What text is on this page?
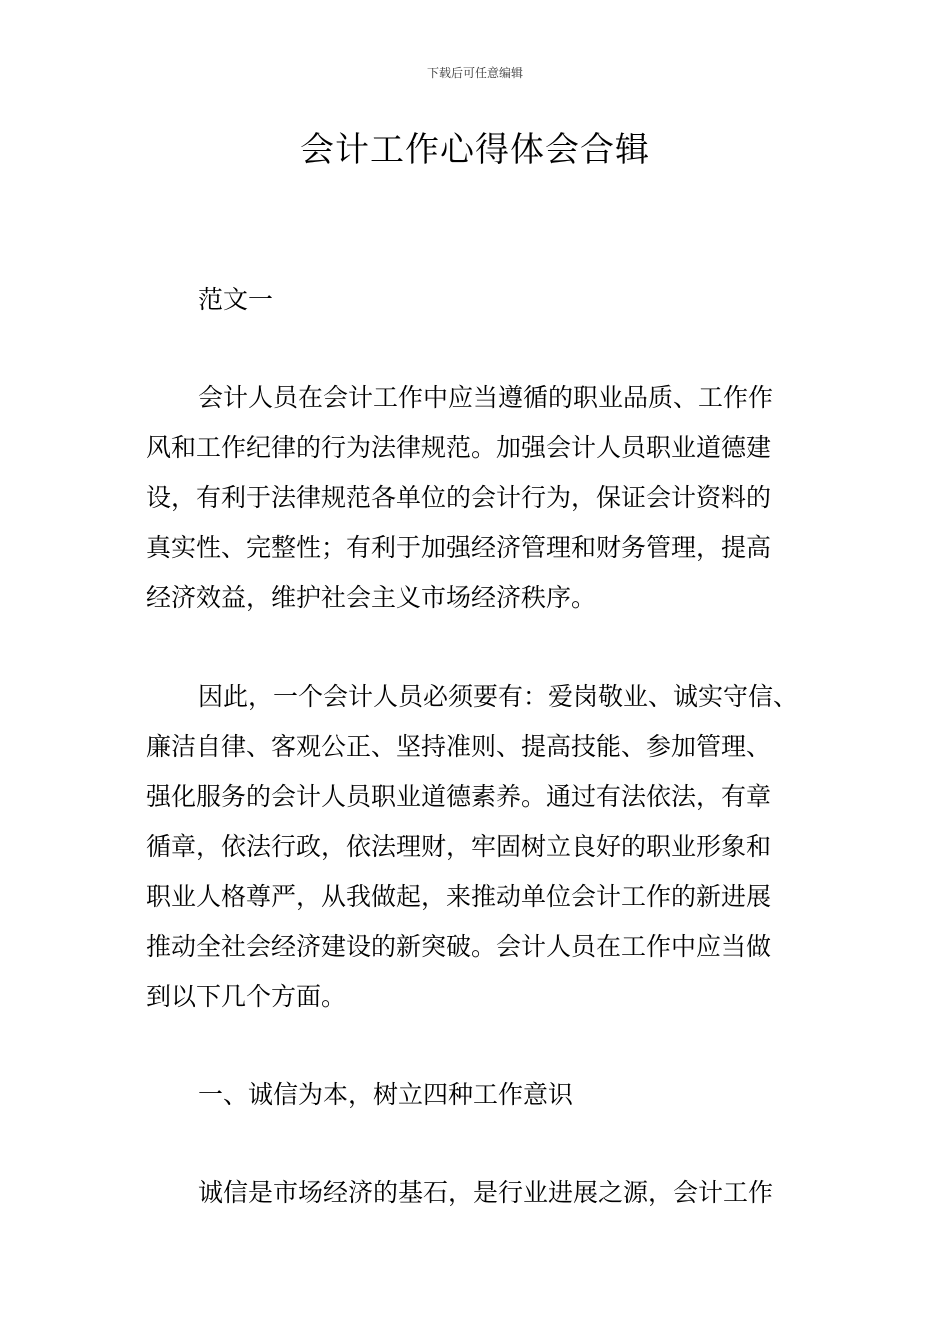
下载后可任意编辑
会计工作心得体会合辑
范文一
会计人员在会计工作中应当遵循的职业品质、工作作
风和工作纪律的行为法律规范。加强会计人员职业道德建
设，有利于法律规范各单位的会计行为，保证会计资料的
真实性、完整性；有利于加强经济管理和财务管理，提高
经济效益，维护社会主义市场经济秩序。
因此，一个会计人员必须要有：爱岗敬业、诚实守信、
廉洁自律、客观公正、坚持准则、提高技能、参加管理、
强化服务的会计人员职业道德素养。通过有法依法，有章
循章，依法行政，依法理财，牢固树立良好的职业形象和
职业人格尊严，从我做起，来推动单位会计工作的新进展
推动全社会经济建设的新突破。会计人员在工作中应当做
到以下几个方面。
一、诚信为本，树立四种工作意识
诚信是市场经济的基石，是行业进展之源，会计工作
